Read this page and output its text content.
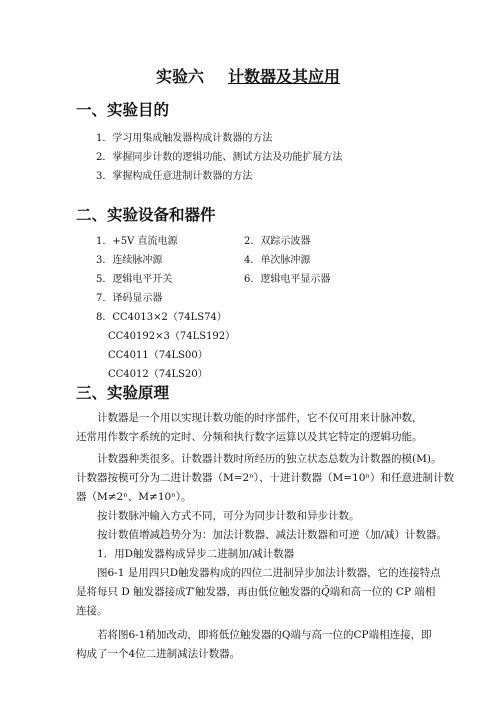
实验六 计数器及其应用
一、实验目的
1．学习用集成触发器构成计数器的方法
2．掌握同步计数的逻辑功能、测试方法及功能扩展方法
3．掌握构成任意进制计数器的方法
二、实验设备和器件
1．+5V 直流电源
3．连续脉冲源
5．逻辑电平开关
7．译码显示器
8．CC4013×2（74LS74）
CC40192×3（74LS192）
CC4011（74LS00）
CC4012（74LS20）
2．双踪示波器
4．单次脉冲源
6．逻辑电平显示器
三、实验原理
计数器是一个用以实现计数功能的时序部件，它不仅可用来计脉冲数，还常用作数字系统的定时、分频和执行数字运算以及其它特定的逻辑功能。
计数器种类很多。计数器计数时所经历的独立状态总数为计数器的模(M)。
计数器按模可分为二进计数器（M=2ⁿ）、十进计数器（M=10ⁿ）和任意进制计数
器（M≠2ⁿ、M≠10ⁿ）。
按计数脉冲输入方式不同，可分为同步计数和异步计数。
按计数值增减趋势分为：加法计数器、减法计数器和可逆（加/减）计数器。
1．用D触发器构成异步二进制加/减计数器
图6-1 是用四只D触发器构成的四位二进制异步加法计数器，它的连接特点
是将每只 D 触发器接成T′触发器，再由低位触发器的Q̄端和高一位的 CP 端相
连接。
若将图6-1稍加改动，即将低位触发器的Q端与高一位的CP端相连接，即
构成了一个4位二进制减法计数器。
